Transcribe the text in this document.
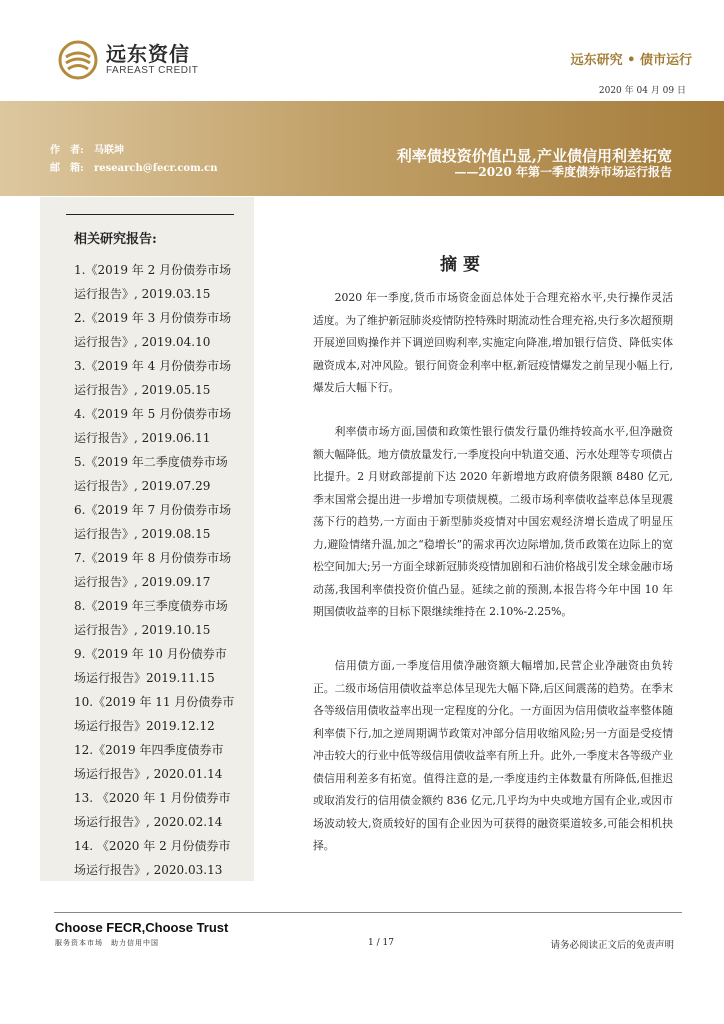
远东资信
FAREAST CREDIT
远东研究 • 债市运行
2020 年 04 月 09 日
作　者: 马联坤
邮　箱: research@fecr.com.cn
利率债投资价值凸显,产业债信用利差拓宽
——2020 年第一季度债券市场运行报告
相关研究报告:
1.《2019 年 2 月份债券市场
运行报告》, 2019.03.15
2.《2019 年 3 月份债券市场
运行报告》, 2019.04.10
3.《2019 年 4 月份债券市场
运行报告》, 2019.05.15
4.《2019 年 5 月份债券市场
运行报告》, 2019.06.11
5.《2019 年二季度债券市场
运行报告》, 2019.07.29
6.《2019 年 7 月份债券市场
运行报告》, 2019.08.15
7.《2019 年 8 月份债券市场
运行报告》, 2019.09.17
8.《2019 年三季度债券市场
运行报告》, 2019.10.15
9.《2019 年 10 月份债券市
场运行报告》2019.11.15
10.《2019 年 11 月份债券市
场运行报告》2019.12.12
12.《2019 年四季度债券市
场运行报告》, 2020.01.14
13. 《2020 年 1 月份债券市
场运行报告》, 2020.02.14
14. 《2020 年 2 月份债券市
场运行报告》, 2020.03.13
摘要

2020 年一季度,货币市场资金面总体处于合理充裕水平,央行操作灵活适度。为了维护新冠肺炎疫情防控特殊时期流动性合理充裕,央行多次超预期开展逆回购操作并下调逆回购利率,实施定向降准,增加银行信贷、降低实体融资成本,对冲风险。银行间资金利率中枢,新冠疫情爆发之前呈现小幅上行,爆发后大幅下行。

利率债市场方面,国债和政策性银行债发行量仍维持较高水平,但净融资额大幅降低。地方债放量发行,一季度投向中轨道交通、污水处理等专项债占比提升。2 月财政部提前下达 2020 年新增地方政府债务限额 8480 亿元,季末国常会提出进一步增加专项债规模。二级市场利率债收益率总体呈现震荡下行的趋势,一方面由于新型肺炎疫情对中国宏观经济增长造成了明显压力,避险情绪升温,加之“稳增长”的需求再次边际增加,货币政策在边际上的宽松空间加大;另一方面全球新冠肺炎疫情加剧和石油价格战引发全球金融市场动荡,我国利率债投资价值凸显。延续之前的预测,本报告将今年中国 10 年期国债收益率的目标下限继续维持在 2.10%-2.25%。

信用债方面,一季度信用债净融资额大幅增加,民营企业净融资由负转正。二级市场信用债收益率总体呈现先大幅下降,后区间震荡的趋势。在季末各等级信用债收益率出现一定程度的分化。一方面因为信用债收益率整体随利率债下行,加之逆周期调节政策对冲部分信用收缩风险;另一方面是受疫情冲击较大的行业中低等级信用债收益率有所上升。此外,一季度末各等级产业债信用利差多有拓宽。值得注意的是,一季度违约主体数量有所降低,但推迟或取消发行的信用债金额约 836 亿元,几乎均为中央或地方国有企业,或因市场波动较大,资质较好的国有企业因为可获得的融资渠道较多,可能会相机抉择。

Choose FECR,Choose Trust
服务资本市场　助力信用中国	1 / 17	请务必阅读正文后的免责声明
